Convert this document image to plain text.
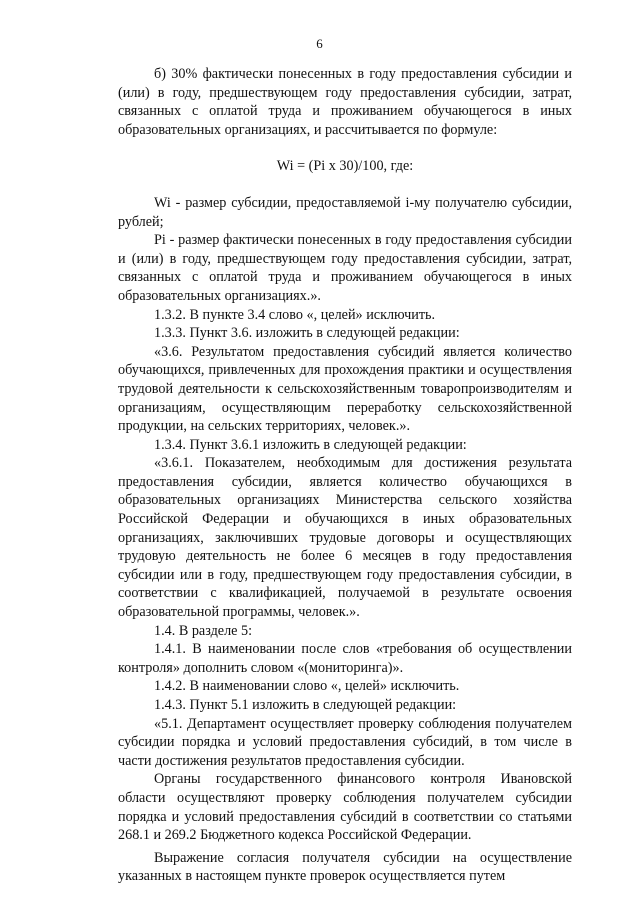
6

б) 30% фактически понесенных в году предоставления субсидии и (или) в году, предшествующем году предоставления субсидии, затрат, связанных с оплатой труда и проживанием обучающегося в иных образовательных организациях, и рассчитывается по формуле:

Wi = (Pi x 30)/100, где:

Wi - размер субсидии, предоставляемой i-му получателю субсидии, рублей;

Pi - размер фактически понесенных в году предоставления субсидии и (или) в году, предшествующем году предоставления субсидии, затрат, связанных с оплатой труда и проживанием обучающегося в иных образовательных организациях.».

1.3.2. В пункте 3.4 слово «, целей» исключить.

1.3.3. Пункт 3.6. изложить в следующей редакции:

«3.6. Результатом предоставления субсидий является количество обучающихся, привлеченных для прохождения практики и осуществления трудовой деятельности к сельскохозяйственным товаропроизводителям и организациям, осуществляющим переработку сельскохозяйственной продукции, на сельских территориях, человек.».

1.3.4. Пункт 3.6.1 изложить в следующей редакции:

«3.6.1. Показателем, необходимым для достижения результата предоставления субсидии, является количество обучающихся в образовательных организациях Министерства сельского хозяйства Российской Федерации и обучающихся в иных образовательных организациях, заключивших трудовые договоры и осуществляющих трудовую деятельность не более 6 месяцев в году предоставления субсидии или в году, предшествующем году предоставления субсидии, в соответствии с квалификацией, получаемой в результате освоения образовательной программы, человек.».

1.4. В разделе 5:

1.4.1. В наименовании после слов «требования об осуществлении контроля» дополнить словом «(мониторинга)».

1.4.2. В наименовании слово «, целей» исключить.

1.4.3. Пункт 5.1 изложить в следующей редакции:

«5.1. Департамент осуществляет проверку соблюдения получателем субсидии порядка и условий предоставления субсидий, в том числе в части достижения результатов предоставления субсидии.

Органы государственного финансового контроля Ивановской области осуществляют проверку соблюдения получателем субсидии порядка и условий предоставления субсидий в соответствии со статьями 268.1 и 269.2 Бюджетного кодекса Российской Федерации.

Выражение согласия получателя субсидии на осуществление указанных в настоящем пункте проверок осуществляется путем
